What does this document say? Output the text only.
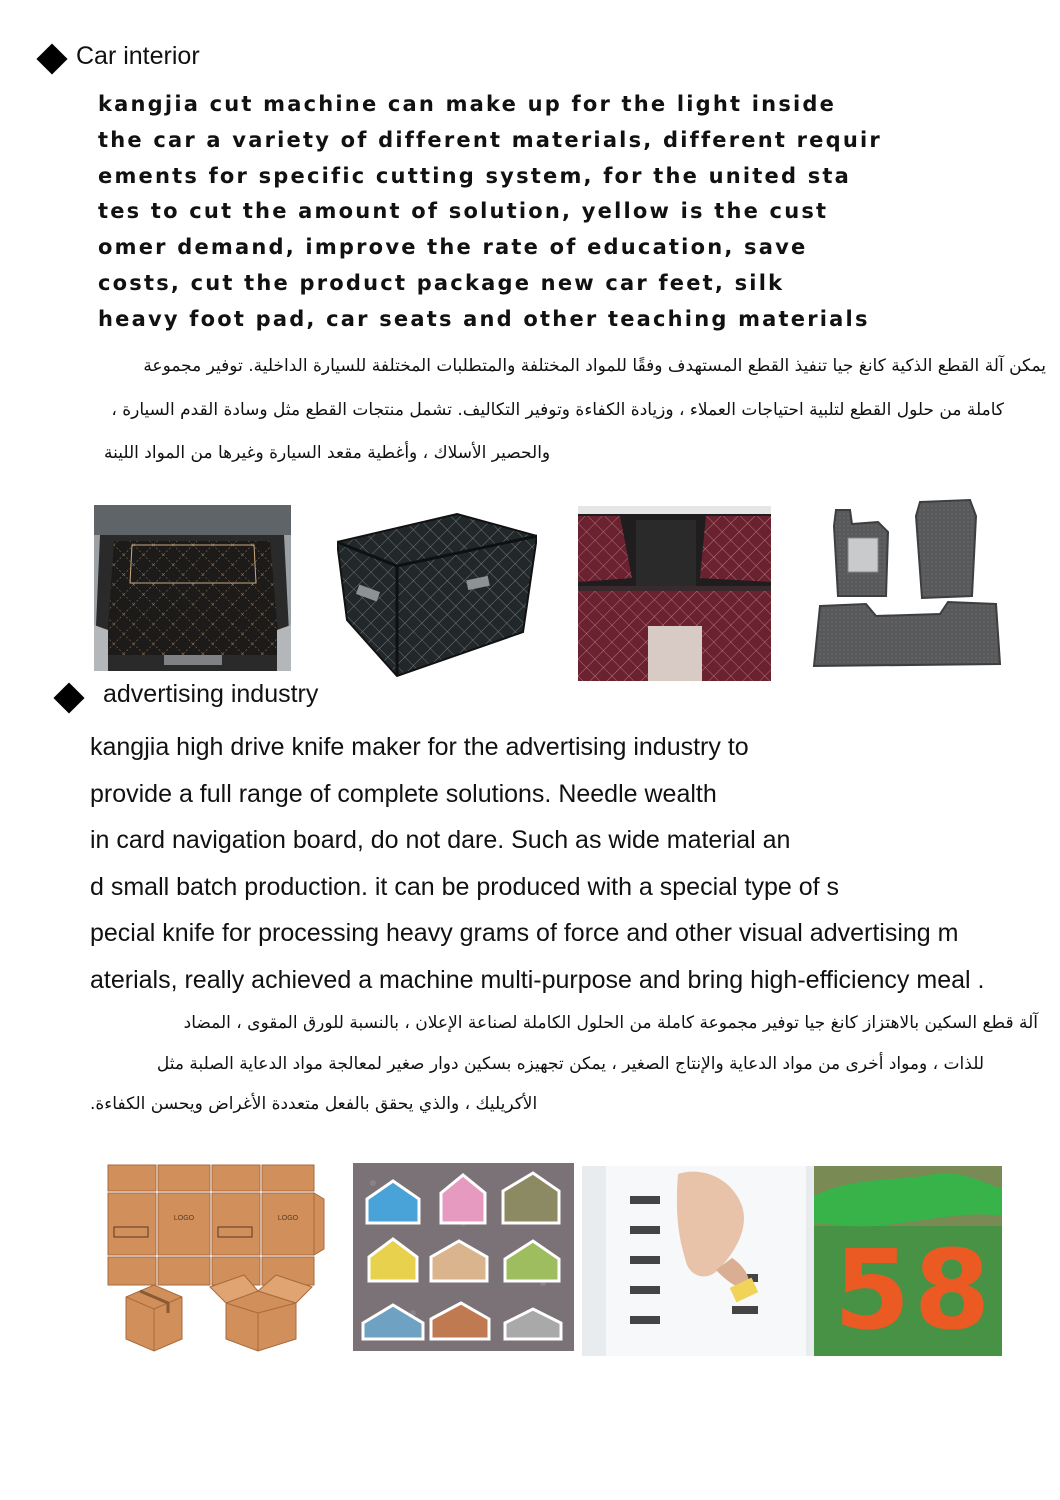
Car interior
kangjia cut machine can make up for the light inside
the car a variety of different materials, different requir
ements for specific cutting system, for the united sta
tes to cut the amount of solution, yellow is the cust
omer demand, improve the rate of education, save
costs, cut the product package new car feet, silk
heavy foot pad, car seats and other teaching materials
يمكن آلة القطع الذكية كانغ جيا تنفيذ القطع المستهدف وفقًا للمواد المختلفة والمتطلبات المختلفة للسيارة الداخلية. توفير مجموعة
كاملة من حلول القطع لتلبية احتياجات العملاء ، وزيادة الكفاءة وتوفير التكاليف. تشمل منتجات القطع مثل وسادة القدم السيارة ،
والحصير الأسلاك ، وأغطية مقعد السيارة وغيرها من المواد اللينة
advertising industry
kangjia high drive knife maker for the advertising industry to
provide a full range of complete solutions. Needle wealth
in card navigation board, do not dare. Such as wide material an
d small batch production. it can be produced with a special type of s
pecial knife for processing heavy grams of force and other visual advertising m
aterials, really achieved a machine multi-purpose and bring high-efficiency meal .
آلة قطع السكين بالاهتزاز كانغ جيا توفير مجموعة كاملة من الحلول الكاملة لصناعة الإعلان ، بالنسبة للورق المقوى ، المضاد
للذات ، ومواد أخرى من مواد الدعاية والإنتاج الصغير ، يمكن تجهيزه بسكين دوار صغير لمعالجة مواد الدعاية الصلبة مثل
الأكريليك ، والذي يحقق بالفعل متعددة الأغراض ويحسن الكفاءة.
LOGO	LOGO
5 8
